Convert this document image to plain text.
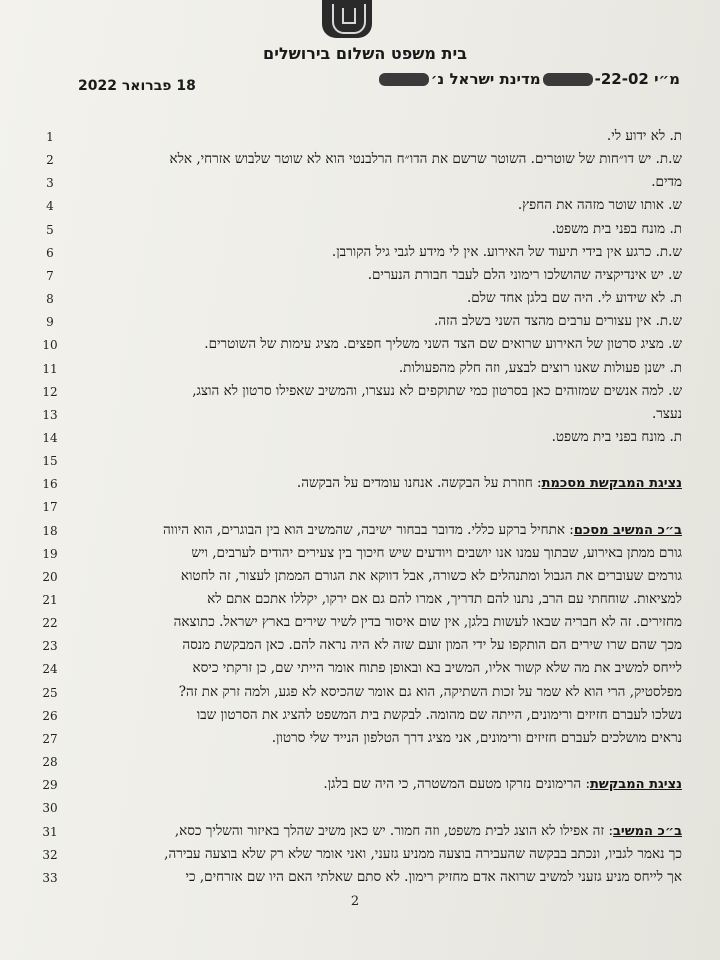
בית משפט השלום בירושלים
מ״י 22-02-מדינת ישראל נ׳
18 פברואר 2022
1	ת. לא ידוע לי.
2	ש.ת. יש דו״חות של שוטרים. השוטר שרשם את הדו״ח הרלבנטי הוא לא שוטר שלבוש אזרחי, אלא
3	מדים.
4	ש. אותו שוטר מזהה את החפץ.
5	ת. מונח בפני בית משפט.
6	ש.ת. כרגע אין בידי תיעוד של האירוע. אין לי מידע לגבי גיל הקורבן.
7	ש. יש אינדיקציה שהושלכו רימוני הלם לעבר חבורת הנערים.
8	ת. לא שידוע לי. היה שם בלגן אחד שלם.
9	ש.ת. אין עצורים ערבים מהצד השני בשלב הזה.
10	ש. מציג סרטון של האירוע שרואים שם הצד השני משליך חפצים. מציג עימות של השוטרים.
11	ת. ישנן פעולות שאנו רוצים לבצע, וזה חלק מהפעולות.
12	ש. למה אנשים שמזוהים כאן בסרטון כמי שתוקפים לא נעצרו, והמשיב שאפילו סרטון לא הוצג,
13	נעצר.
14	ת. מונח בפני בית משפט.
15
16	נציגת המבקשת מסכמת: חוזרת על הבקשה. אנחנו עומדים על הבקשה.
17
18	ב״כ המשיב מסכם: אתחיל ברקע כללי. מדובר בבחור ישיבה, שהמשיב הוא בין הבוגרים, הוא היווה
19	גורם ממתן באירוע, שבתוך עמנו אנו יושבים ויודעים שיש חיכוך בין צעירים יהודים לערבים, ויש
20	גורמים שעוברים את הגבול ומתנהלים לא כשורה, אבל דווקא את הגורם הממתן לעצור, זה לחטוא
21	למציאות. שוחחתי עם הרב, נתנו להם תדריך, אמרו להם גם אם ירקו, יקללו אתכם אתם לא
22	מחזירים. זה לא חבריה שבאו לעשות בלגן, אין שום איסור בדין לשיר שירים בארץ ישראל. כתוצאה
23	מכך שהם שרו שירים הם הותקפו על ידי המון זועם שזה לא היה נראה להם. כאן המבקשת מנסה
24	לייחס למשיב את מה שלא קשור אליו, המשיב בא ובאופן פתוח אומר הייתי שם, כן זרקתי כיסא
25	מפלסטיק, הרי הוא לא שמר על זכות השתיקה, הוא גם אומר שהכיסא לא פגע, ולמה זרק את זה?
26	נשלכו לעברם חזיזים ורימונים, הייתה שם מהומה. לבקשת בית המשפט להציג את הסרטון שבו
27	נראים מושלכים לעברם חזיזים ורימונים, אני מציג דרך הטלפון הנייד שלי סרטון.
28
29	נציגת המבקשת: הרימונים נזרקו מטעם המשטרה, כי היה שם בלגן.
30
31	ב״כ המשיב: זה אפילו לא הוצג לבית משפט, וזה חמור. יש כאן משיב שהלך באיזור והשליך כסא,
32	כך נאמר לגביו, ונכתב בבקשה שהעבירה בוצעה ממניע גזעני, ואני אומר שלא רק שלא בוצעה עבירה,
33	אך לייחס מניע גזעני למשיב שרואה אדם מחזיק רימון. לא סתם שאלתי האם היו שם אזרחים, כי
2
